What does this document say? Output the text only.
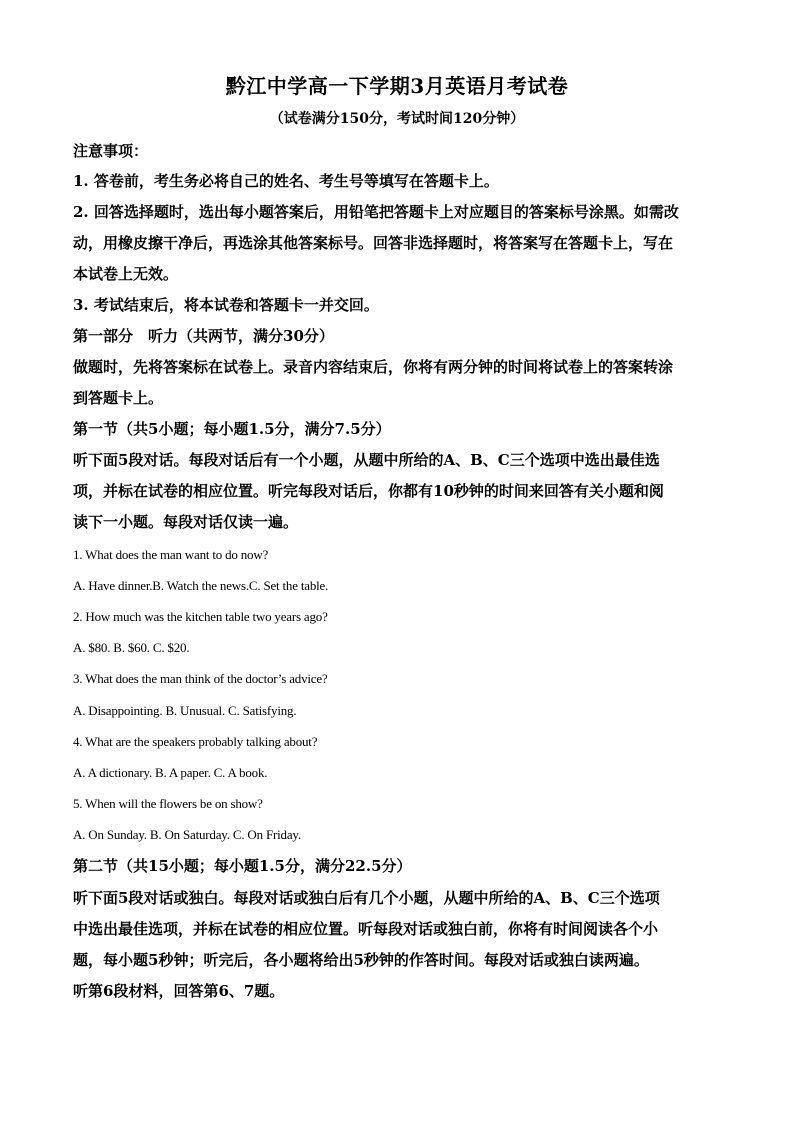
黔江中学高一下学期3月英语月考试卷
（试卷满分150分，考试时间120分钟）
注意事项：
1. 答卷前，考生务必将自己的姓名、考生号等填写在答题卡上。
2. 回答选择题时，选出每小题答案后，用铅笔把答题卡上对应题目的答案标号涂黑。如需改
动，用橡皮擦干净后，再选涂其他答案标号。回答非选择题时，将答案写在答题卡上，写在
本试卷上无效。
3. 考试结束后，将本试卷和答题卡一并交回。
第一部分　听力（共两节，满分30分）
做题时，先将答案标在试卷上。录音内容结束后，你将有两分钟的时间将试卷上的答案转涂
到答题卡上。
第一节（共5小题；每小题1.5分，满分7.5分）
听下面5段对话。每段对话后有一个小题，从题中所给的A、B、C三个选项中选出最佳选
项，并标在试卷的相应位置。听完每段对话后，你都有10秒钟的时间来回答有关小题和阅
读下一小题。每段对话仅读一遍。
1. What does the man want to do now?
A. Have dinner.B. Watch the news.C. Set the table.
2. How much was the kitchen table two years ago?
A. $80. B. $60. C. $20.
3. What does the man think of the doctor’s advice?
A. Disappointing. B. Unusual. C. Satisfying.
4. What are the speakers probably talking about?
A. A dictionary. B. A paper. C. A book.
5. When will the flowers be on show?
A. On Sunday. B. On Saturday. C. On Friday.
第二节（共15小题；每小题1.5分，满分22.5分）
听下面5段对话或独白。每段对话或独白后有几个小题，从题中所给的A、B、C三个选项
中选出最佳选项，并标在试卷的相应位置。听每段对话或独白前，你将有时间阅读各个小
题，每小题5秒钟；听完后，各小题将给出5秒钟的作答时间。每段对话或独白读两遍。
听第6段材料，回答第6、7题。
